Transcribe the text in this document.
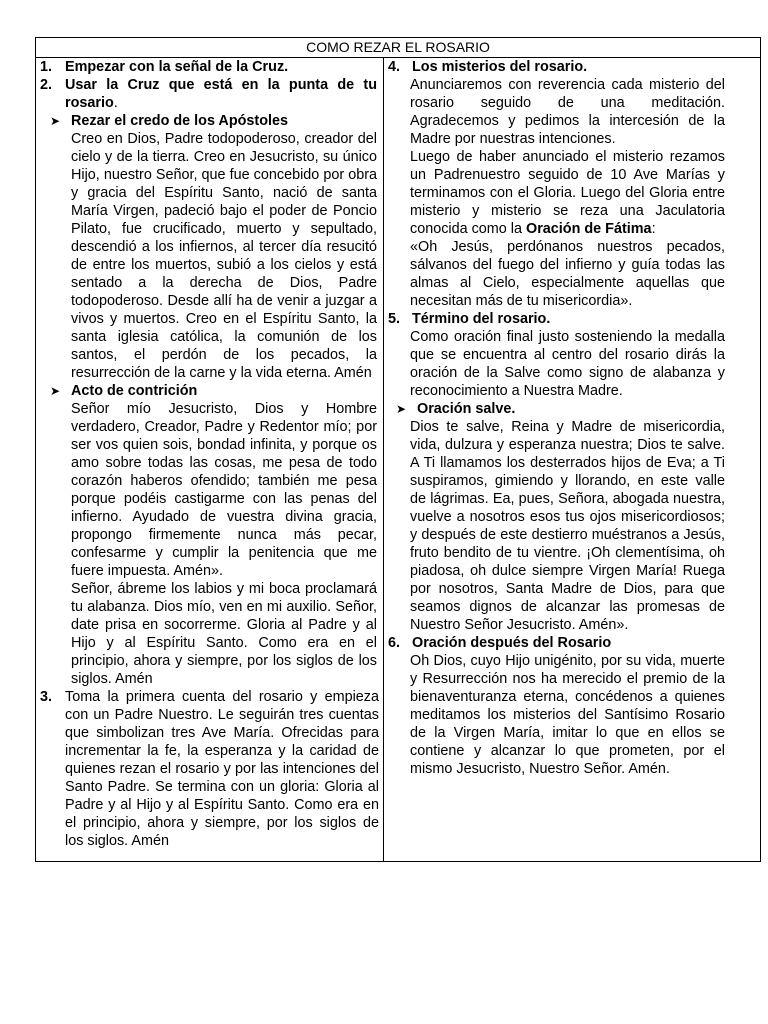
COMO REZAR EL ROSARIO
1. Empezar con la señal de la Cruz.
2. Usar la Cruz que está en la punta de tu rosario.
➤ Rezar el credo de los Apóstoles
Creo en Dios, Padre todopoderoso, creador del cielo y de la tierra. Creo en Jesucristo, su único Hijo, nuestro Señor, que fue concebido por obra y gracia del Espíritu Santo, nació de santa María Virgen, padeció bajo el poder de Poncio Pilato, fue crucificado, muerto y sepultado, descendió a los infiernos, al tercer día resucitó de entre los muertos, subió a los cielos y está sentado a la derecha de Dios, Padre todopoderoso. Desde allí ha de venir a juzgar a vivos y muertos. Creo en el Espíritu Santo, la santa iglesia católica, la comunión de los santos, el perdón de los pecados, la resurrección de la carne y la vida eterna. Amén
➤ Acto de contrición
Señor mío Jesucristo, Dios y Hombre verdadero, Creador, Padre y Redentor mío; por ser vos quien sois, bondad infinita, y porque os amo sobre todas las cosas, me pesa de todo corazón haberos ofendido; también me pesa porque podéis castigarme con las penas del infierno. Ayudado de vuestra divina gracia, propongo firmemente nunca más pecar, confesarme y cumplir la penitencia que me fuere impuesta. Amén».
Señor, ábreme los labios y mi boca proclamará tu alabanza. Dios mío, ven en mi auxilio. Señor, date prisa en socorrerme. Gloria al Padre y al Hijo y al Espíritu Santo. Como era en el principio, ahora y siempre, por los siglos de los siglos. Amén
3. Toma la primera cuenta del rosario y empieza con un Padre Nuestro. Le seguirán tres cuentas que simbolizan tres Ave María. Ofrecidas para incrementar la fe, la esperanza y la caridad de quienes rezan el rosario y por las intenciones del Santo Padre. Se termina con un gloria: Gloria al Padre y al Hijo y al Espíritu Santo. Como era en el principio, ahora y siempre, por los siglos de los siglos. Amén
4. Los misterios del rosario.
Anunciaremos con reverencia cada misterio del rosario seguido de una meditación. Agradecemos y pedimos la intercesión de la Madre por nuestras intenciones.
Luego de haber anunciado el misterio rezamos un Padrenuestro seguido de 10 Ave Marías y terminamos con el Gloria. Luego del Gloria entre misterio y misterio se reza una Jaculatoria conocida como la Oración de Fátima:
«Oh Jesús, perdónanos nuestros pecados, sálvanos del fuego del infierno y guía todas las almas al Cielo, especialmente aquellas que necesitan más de tu misericordia».
5. Término del rosario.
Como oración final justo sosteniendo la medalla que se encuentra al centro del rosario dirás la oración de la Salve como signo de alabanza y reconocimiento a Nuestra Madre.
➤ Oración salve.
Dios te salve, Reina y Madre de misericordia, vida, dulzura y esperanza nuestra; Dios te salve. A Ti llamamos los desterrados hijos de Eva; a Ti suspiramos, gimiendo y llorando, en este valle de lágrimas. Ea, pues, Señora, abogada nuestra, vuelve a nosotros esos tus ojos misericordiosos; y después de este destierro muéstranos a Jesús, fruto bendito de tu vientre. ¡Oh clementísima, oh piadosa, oh dulce siempre Virgen María! Ruega por nosotros, Santa Madre de Dios, para que seamos dignos de alcanzar las promesas de Nuestro Señor Jesucristo. Amén».
6. Oración después del Rosario
Oh Dios, cuyo Hijo unigénito, por su vida, muerte y Resurrección nos ha merecido el premio de la bienaventuranza eterna, concédenos a quienes meditamos los misterios del Santísimo Rosario de la Virgen María, imitar lo que en ellos se contiene y alcanzar lo que prometen, por el mismo Jesucristo, Nuestro Señor. Amén.
